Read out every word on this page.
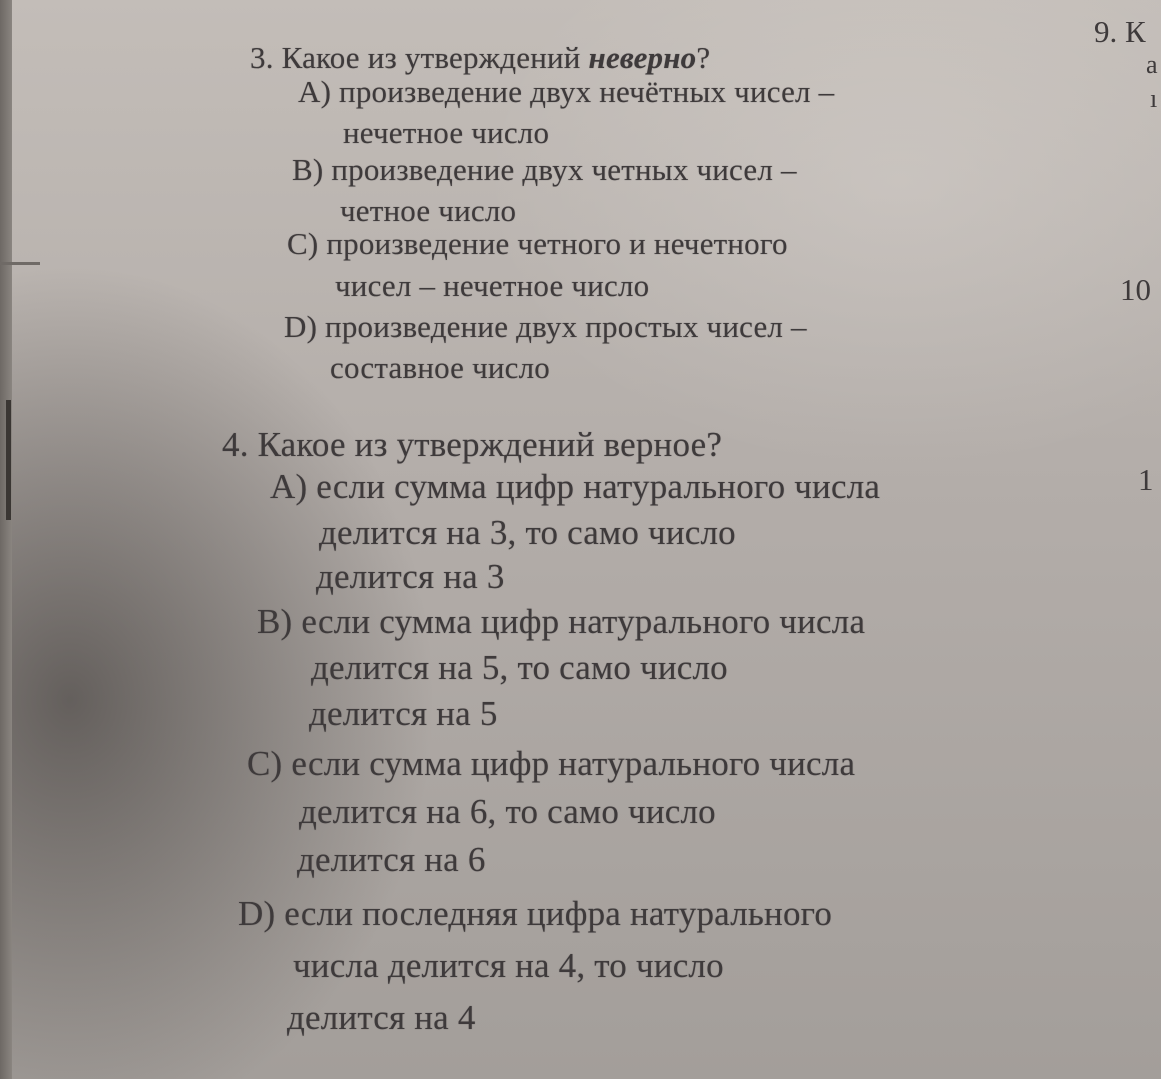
3. Какое из утверждений неверно?
A) произведение двух нечётных чисел –
нечетное число
B) произведение двух четных чисел –
четное число
C) произведение четного и нечетного
чисел – нечетное число
D) произведение двух простых чисел –
составное число
4. Какое из утверждений верное?
A) если сумма цифр натурального числа
делится на 3, то само число
делится на 3
B) если сумма цифр натурального числа
делится на 5, то само число
делится на 5
C) если сумма цифр натурального числа
делится на 6, то само число
делится на 6
D) если последняя цифра натурального
числа делится на 4, то число
делится на 4
9. К
а
ı
10
1
